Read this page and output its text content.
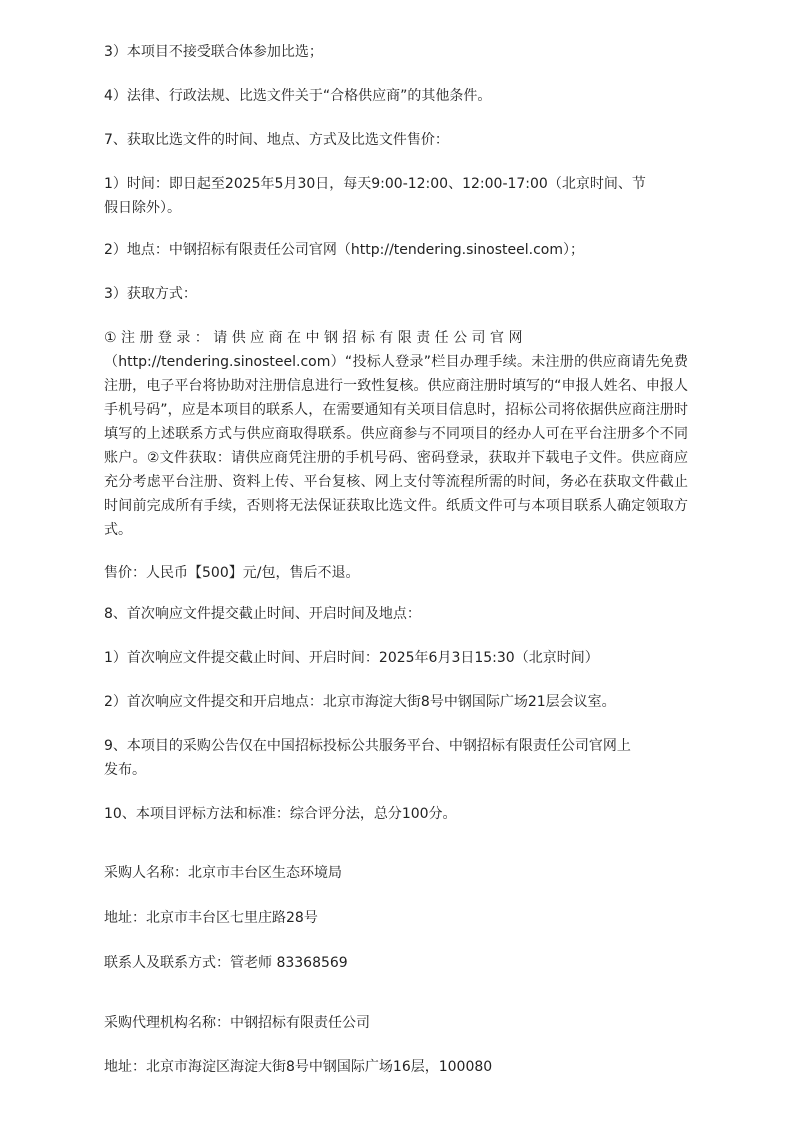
3）本项目不接受联合体参加比选；

4）法律、行政法规、比选文件关于“合格供应商”的其他条件。

7、获取比选文件的时间、地点、方式及比选文件售价：

1）时间：即日起至2025年5月30日，每天9:00-12:00、12:00-17:00（北京时间、节

假日除外）。

2）地点：中钢招标有限责任公司官网（http://tendering.sinosteel.com）；

3）获取方式：

① 注 册 登 录 ： 请 供 应 商 在 中 钢 招 标 有 限 责 任 公 司 官 网

（http://tendering.sinosteel.com）“投标人登录”栏目办理手续。未注册的供应商请先免费注册，电子平台将协助对注册信息进行一致性复核。供应商注册时填写的“申报人姓名、申报人手机号码”，应是本项目的联系人，在需要通知有关项目信息时，招标公司将依据供应商注册时填写的上述联系方式与供应商取得联系。供应商参与不同项目的经办人可在平台注册多个不同账户。②文件获取：请供应商凭注册的手机号码、密码登录，获取并下载电子文件。供应商应充分考虑平台注册、资料上传、平台复核、网上支付等流程所需的时间，务必在获取文件截止时间前完成所有手续，否则将无法保证获取比选文件。纸质文件可与本项目联系人确定领取方式。

售价：人民币【500】元/包，售后不退。

8、首次响应文件提交截止时间、开启时间及地点：

1）首次响应文件提交截止时间、开启时间：2025年6月3日15:30（北京时间）

2）首次响应文件提交和开启地点：北京市海淀大街8号中钢国际广场21层会议室。

9、本项目的采购公告仅在中国招标投标公共服务平台、中钢招标有限责任公司官网上

发布。

10、本项目评标方法和标准：综合评分法，总分100分。

采购人名称：北京市丰台区生态环境局

地址：北京市丰台区七里庄路28号

联系人及联系方式：管老师 83368569

采购代理机构名称：中钢招标有限责任公司

地址：北京市海淀区海淀大街8号中钢国际广场16层，100080
